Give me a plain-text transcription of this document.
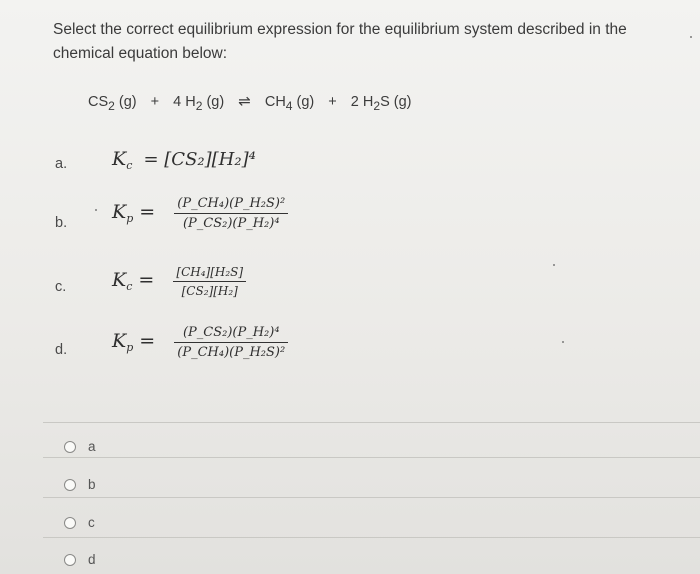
Select the correct equilibrium expression for the equilibrium system described in the chemical equation below:
$CS_2$ (g) + 4 $H_2$ (g) ⇌ $CH_4$ (g) + 2 $H_2S$ (g)
a. $K_c = [CS_2][H_2]^4$
b. $K_p = \frac{\text{(P\_CH₄)(P\_H₂S)²}}{\text{(P\_CS₂)(P\_H₂)⁴}}$
c. $K_c = \frac{\text{[CH₄][H₂S]}}{\text{[CS₂][H₂]}}$
d. $K_p = \frac{\text{(P\_CS₂)(P\_H₂)⁴}}{\text{(P\_CH₄)(P\_H₂S)²}}$
a
b
c
d
